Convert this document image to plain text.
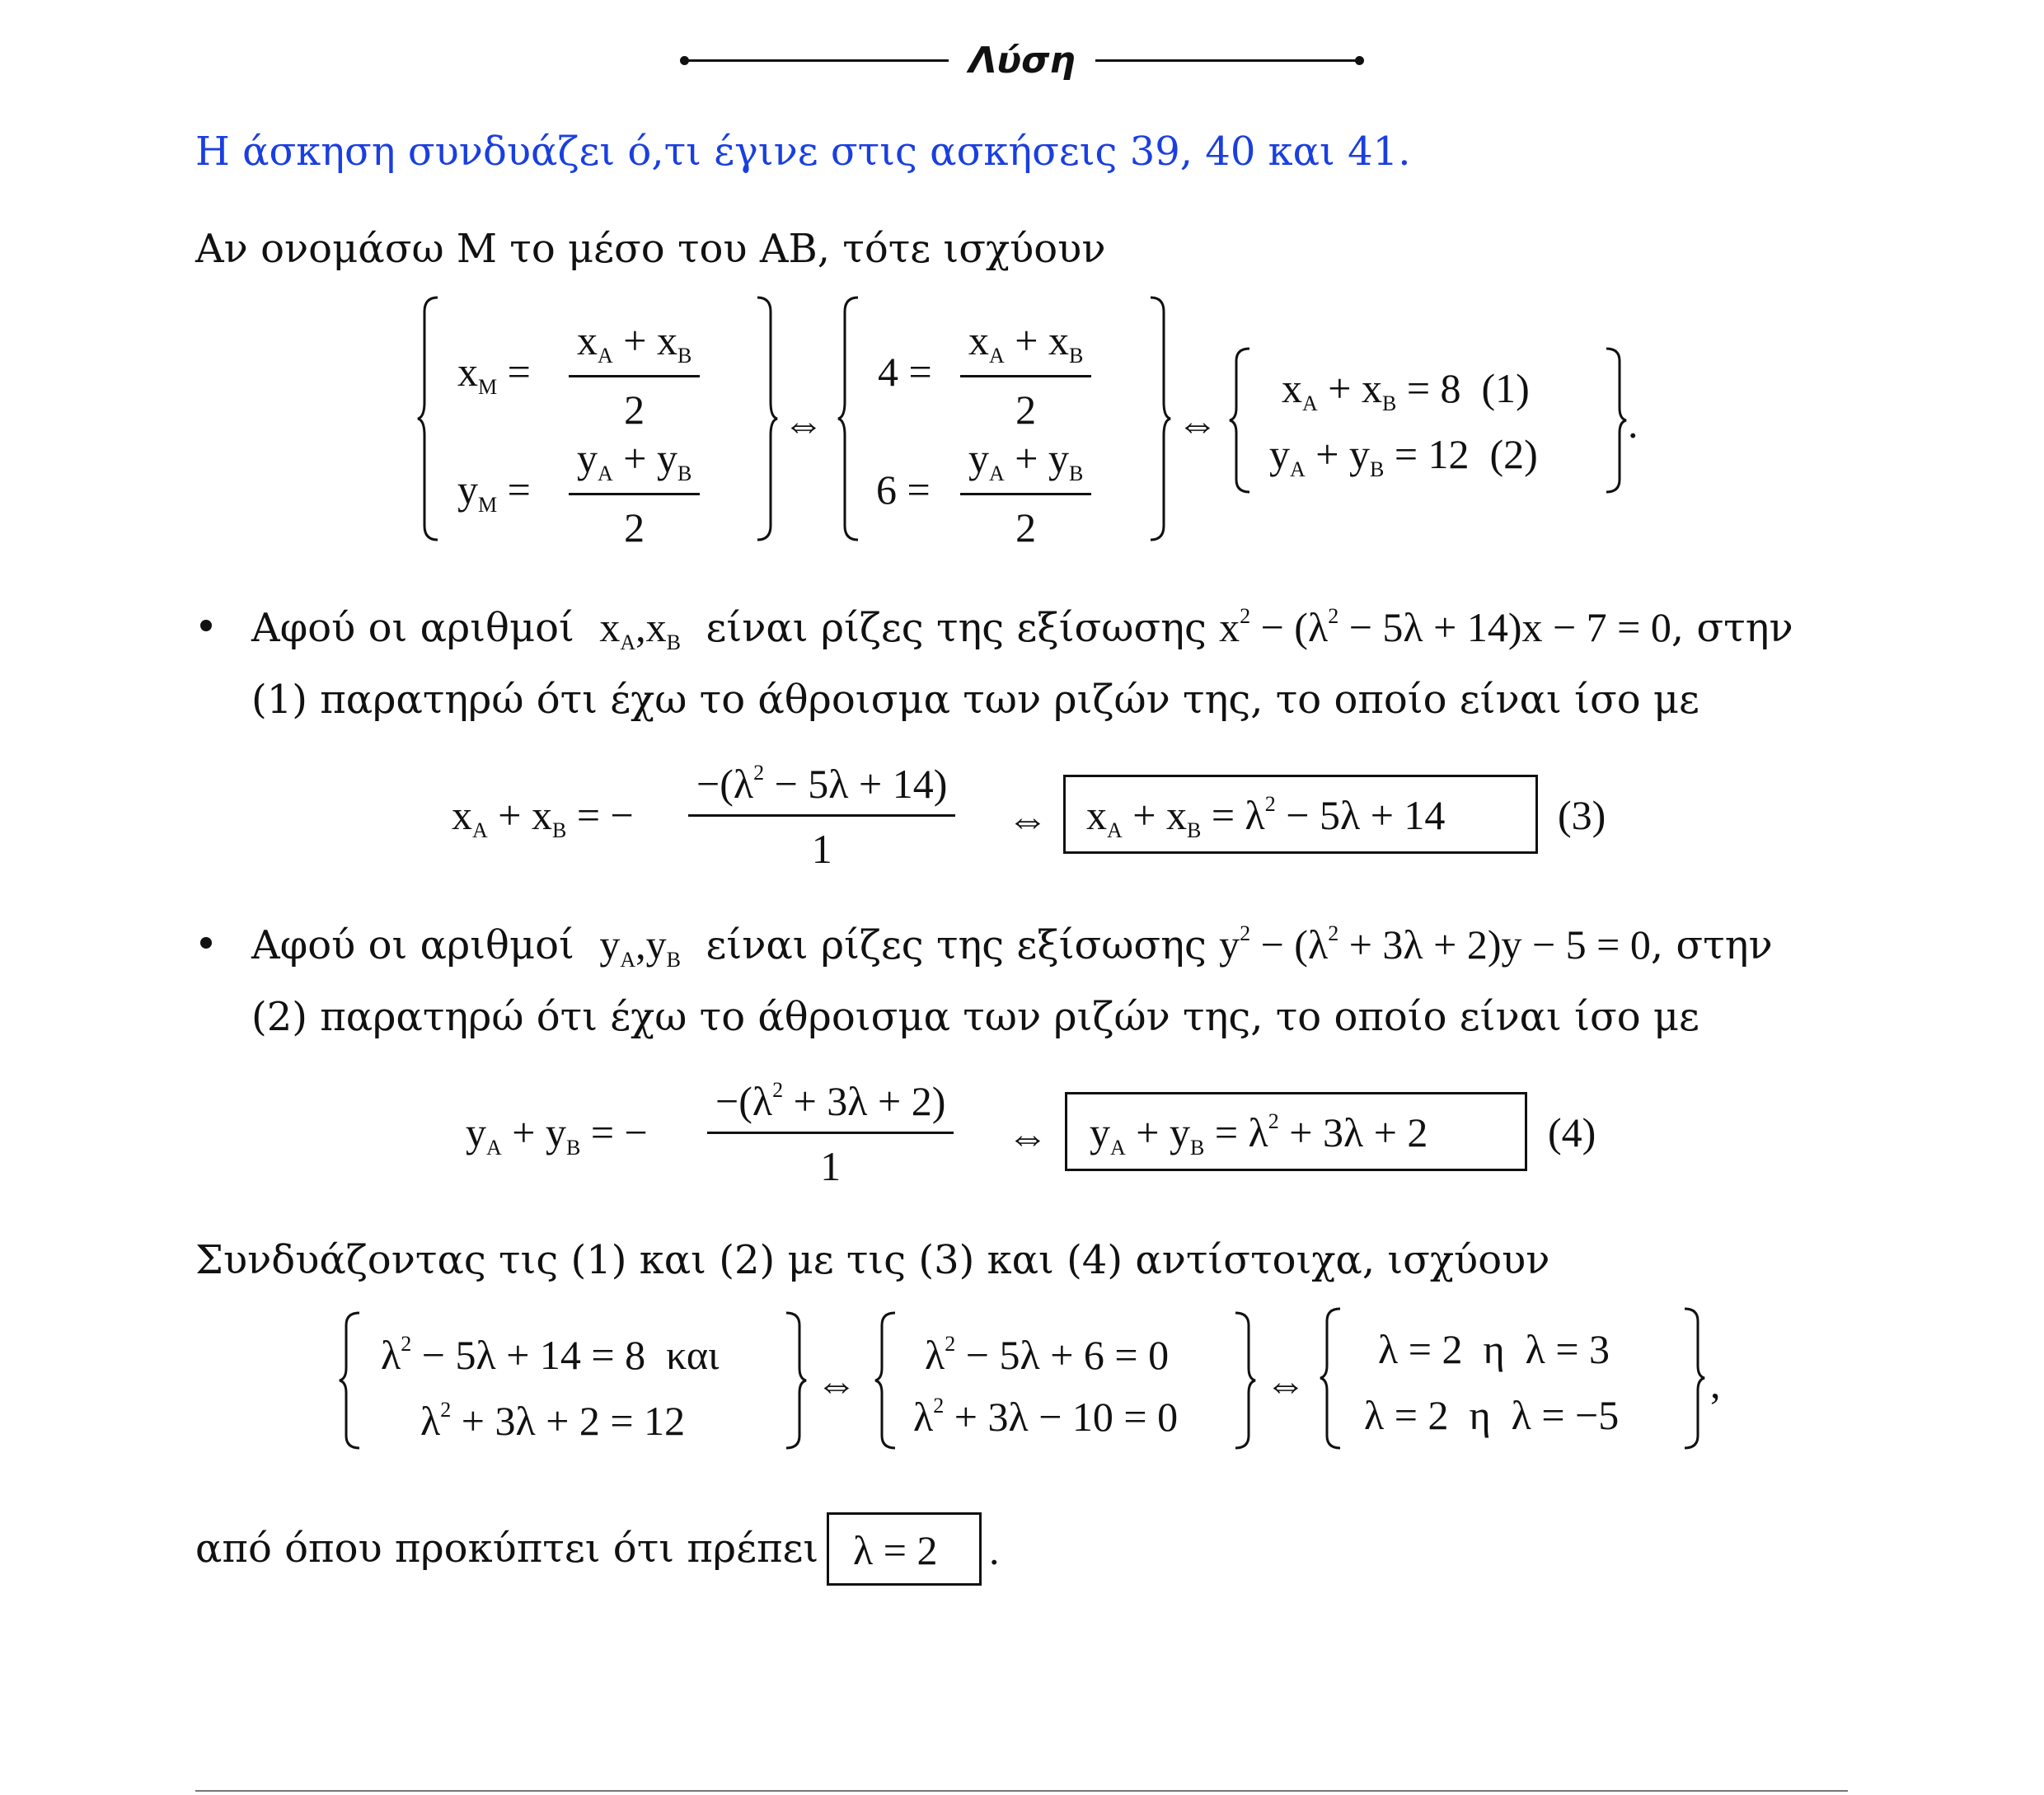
Λύση
Η άσκηση συνδυάζει ό,τι έγινε στις ασκήσεις 39, 40 και 41.
Αν ονομάσω Μ το μέσο του ΑΒ, τότε ισχύουν
$x_M = \frac{x_A + x_B}{2}$
$y_M = \frac{y_A + y_B}{2}$
⇔
$4 = \frac{x_A + x_B}{2}$
$6 = \frac{y_A + y_B}{2}$
⇔
$x_A + x_B = 8$ (1)
$y_A + y_B = 12$ (2)
.
Αφού οι αριθμοί $x_A,x_B$ είναι ρίζες της εξίσωσης $x^2 - (\lambda^2 - 5\lambda + 14)x - 7 = 0$, στην
(1) παρατηρώ ότι έχω το άθροισμα των ριζών της, το οποίο είναι ίσο με
$x_A + x_B$ = − $\frac{-(\lambda^2 - 5\lambda + 14)}{1}$ ⇔ $x_A + x_B = \lambda^2 - 5\lambda + 14$	(3)
Αφού οι αριθμοί $y_A,y_B$ είναι ρίζες της εξίσωσης $y^2 - (\lambda^2 + 3\lambda + 2)y - 5 = 0$, στην
(2) παρατηρώ ότι έχω το άθροισμα των ριζών της, το οποίο είναι ίσο με
$y_A + y_B$ = − $\frac{-(\lambda^2 + 3\lambda + 2)}{1}$ ⇔ $y_A + y_B = \lambda^2 + 3\lambda + 2$	(4)
Συνδυάζοντας τις (1) και (2) με τις (3) και (4) αντίστοιχα, ισχύουν
$\lambda^2 - 5\lambda + 14 = 8$ και
$\lambda^2 + 3\lambda + 2 = 12$
⇔
$\lambda^2 - 5\lambda + 6 = 0$
$\lambda^2 + 3\lambda - 10 = 0$
⇔
λ = 2 η λ = 3
λ = 2 η λ = −5
,
από όπου προκύπτει ότι πρέπει λ = 2 .
